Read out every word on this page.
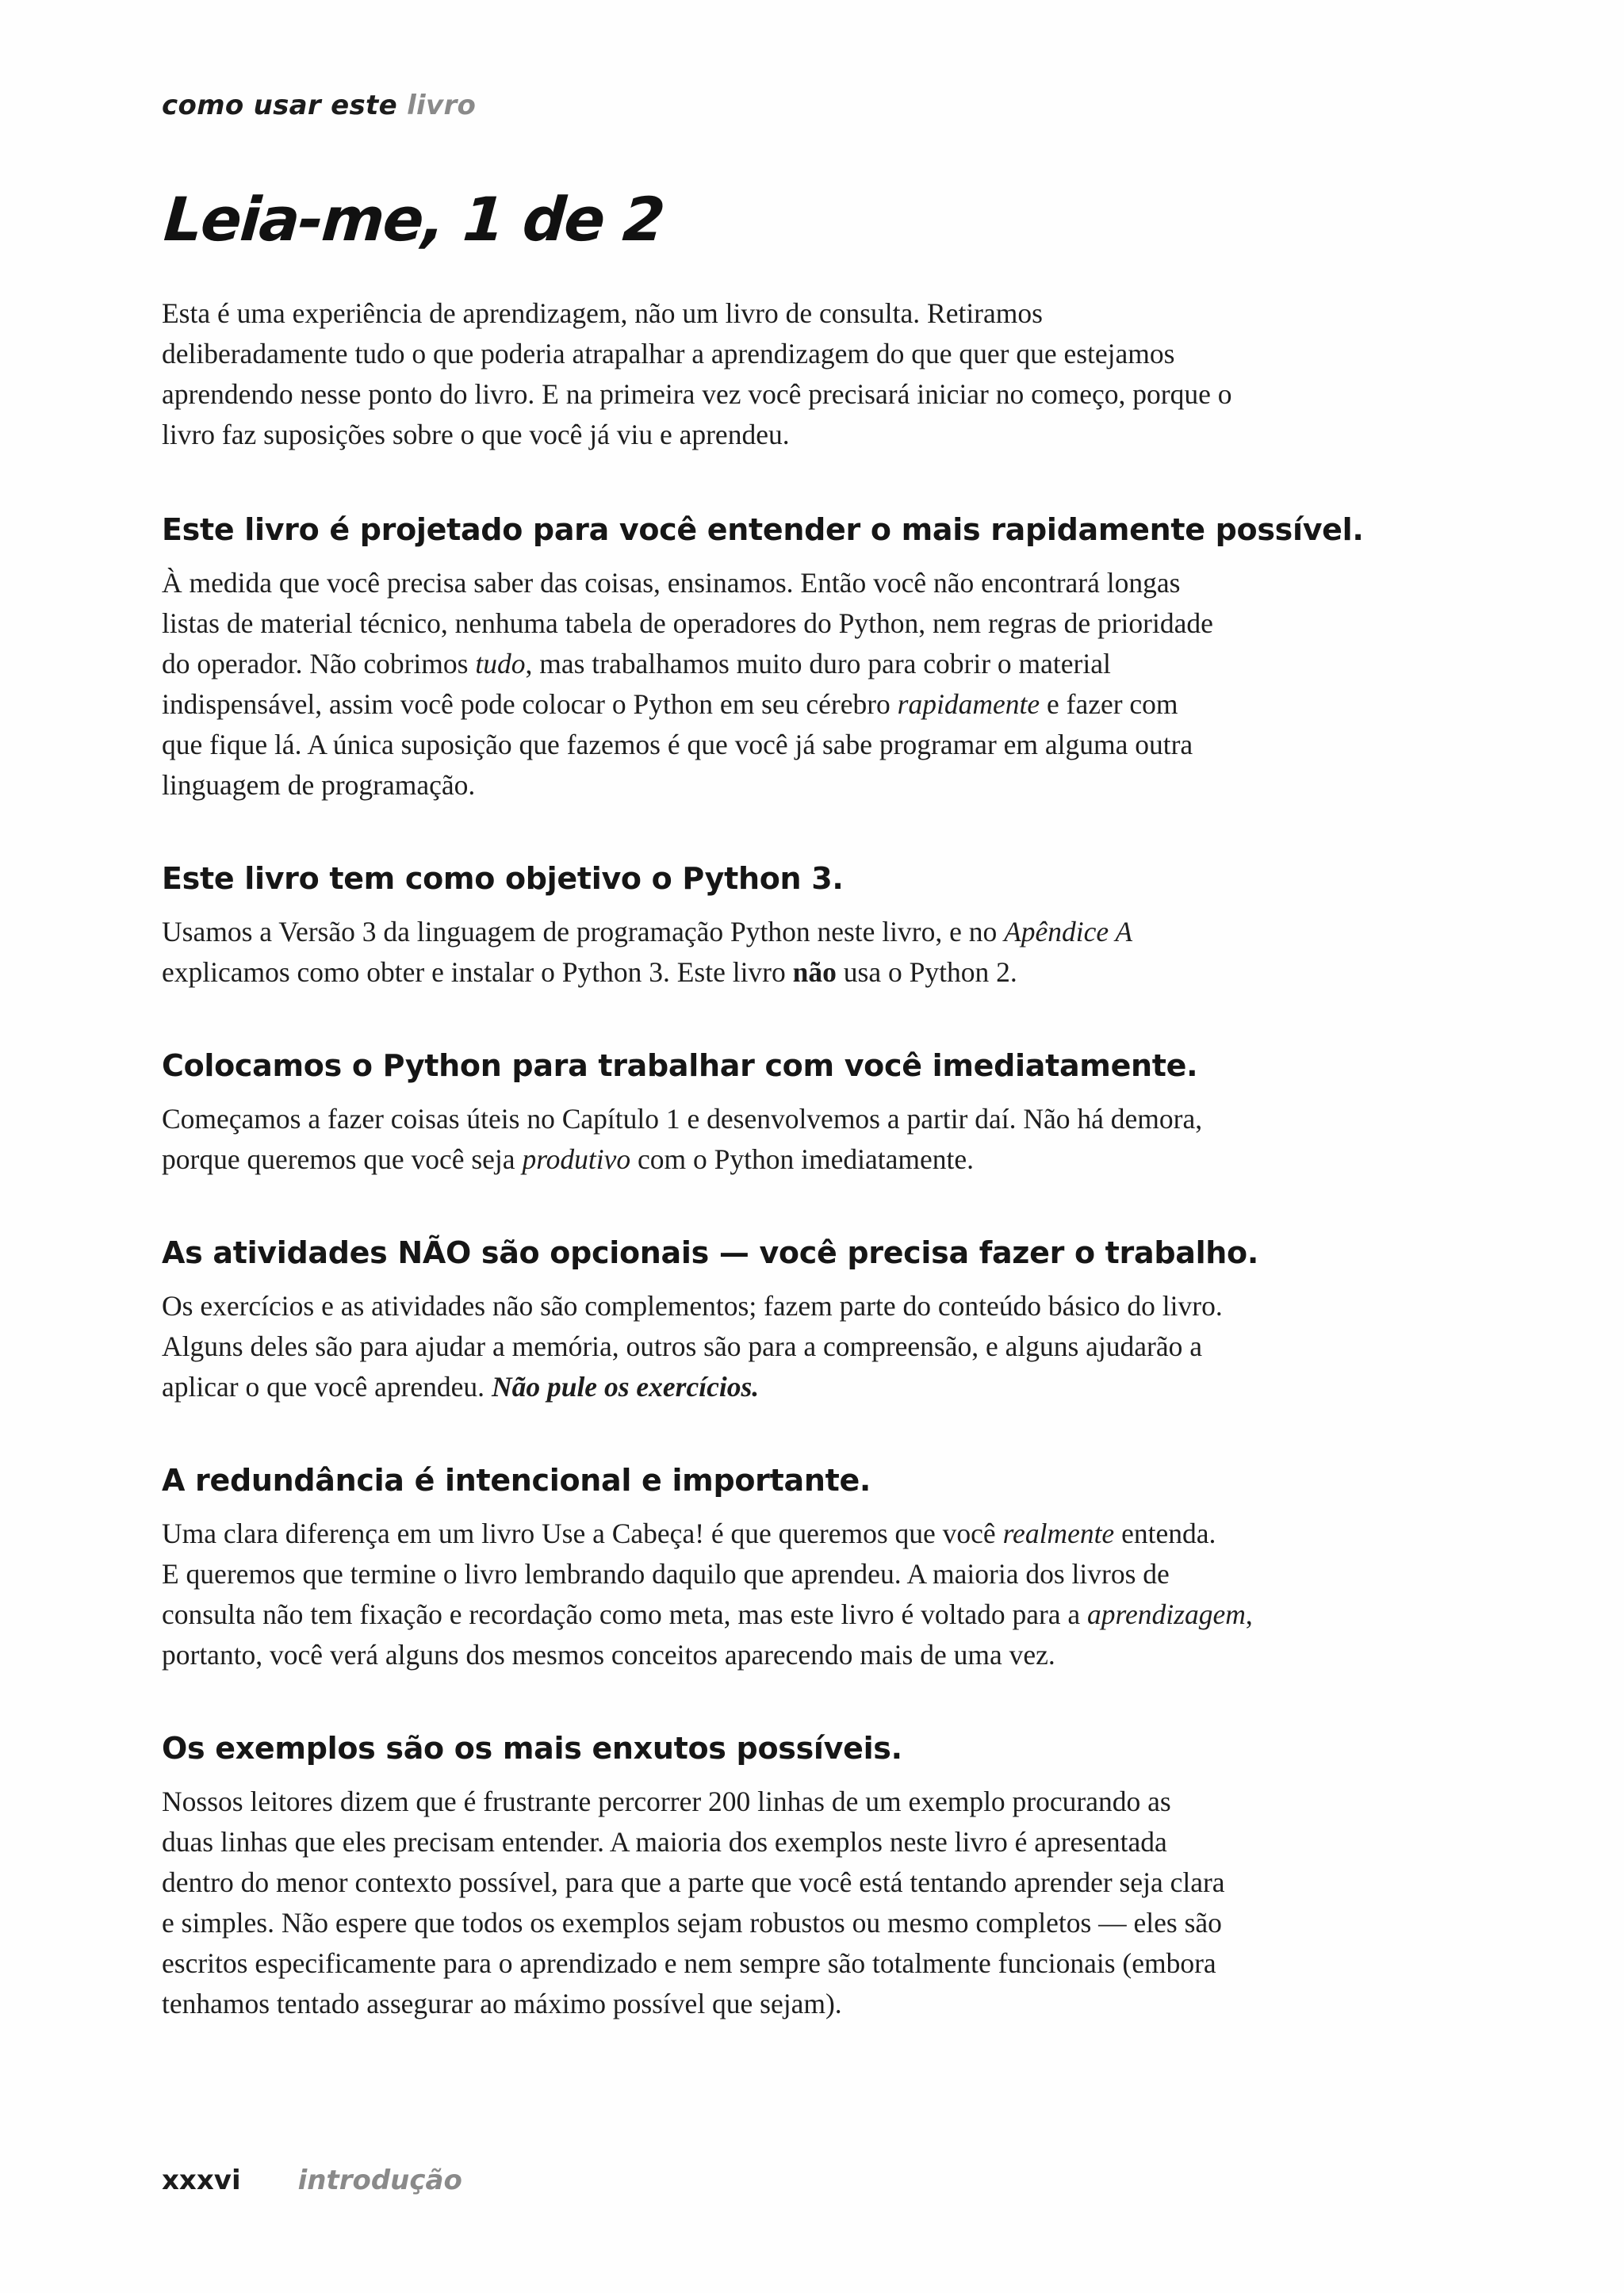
como usar este livro
Leia-me, 1 de 2

Esta é uma experiência de aprendizagem, não um livro de consulta. Retiramos
deliberadamente tudo o que poderia atrapalhar a aprendizagem do que quer que estejamos
aprendendo nesse ponto do livro. E na primeira vez você precisará iniciar no começo, porque o
livro faz suposições sobre o que você já viu e aprendeu.

Este livro é projetado para você entender o mais rapidamente possível.

À medida que você precisa saber das coisas, ensinamos. Então você não encontrará longas
listas de material técnico, nenhuma tabela de operadores do Python, nem regras de prioridade
do operador. Não cobrimos tudo, mas trabalhamos muito duro para cobrir o material
indispensável, assim você pode colocar o Python em seu cérebro rapidamente e fazer com
que fique lá. A única suposição que fazemos é que você já sabe programar em alguma outra
linguagem de programação.

Este livro tem como objetivo o Python 3.

Usamos a Versão 3 da linguagem de programação Python neste livro, e no Apêndice A
explicamos como obter e instalar o Python 3. Este livro não usa o Python 2.

Colocamos o Python para trabalhar com você imediatamente.

Começamos a fazer coisas úteis no Capítulo 1 e desenvolvemos a partir daí. Não há demora,
porque queremos que você seja produtivo com o Python imediatamente.

As atividades NÃO são opcionais — você precisa fazer o trabalho.

Os exercícios e as atividades não são complementos; fazem parte do conteúdo básico do livro.
Alguns deles são para ajudar a memória, outros são para a compreensão, e alguns ajudarão a
aplicar o que você aprendeu. Não pule os exercícios.

A redundância é intencional e importante.

Uma clara diferença em um livro Use a Cabeça! é que queremos que você realmente entenda.
E queremos que termine o livro lembrando daquilo que aprendeu. A maioria dos livros de
consulta não tem fixação e recordação como meta, mas este livro é voltado para a aprendizagem,
portanto, você verá alguns dos mesmos conceitos aparecendo mais de uma vez.

Os exemplos são os mais enxutos possíveis.

Nossos leitores dizem que é frustrante percorrer 200 linhas de um exemplo procurando as
duas linhas que eles precisam entender. A maioria dos exemplos neste livro é apresentada
dentro do menor contexto possível, para que a parte que você está tentando aprender seja clara
e simples. Não espere que todos os exemplos sejam robustos ou mesmo completos — eles são
escritos especificamente para o aprendizado e nem sempre são totalmente funcionais (embora
tenhamos tentado assegurar ao máximo possível que sejam).

xxxvi introdução
